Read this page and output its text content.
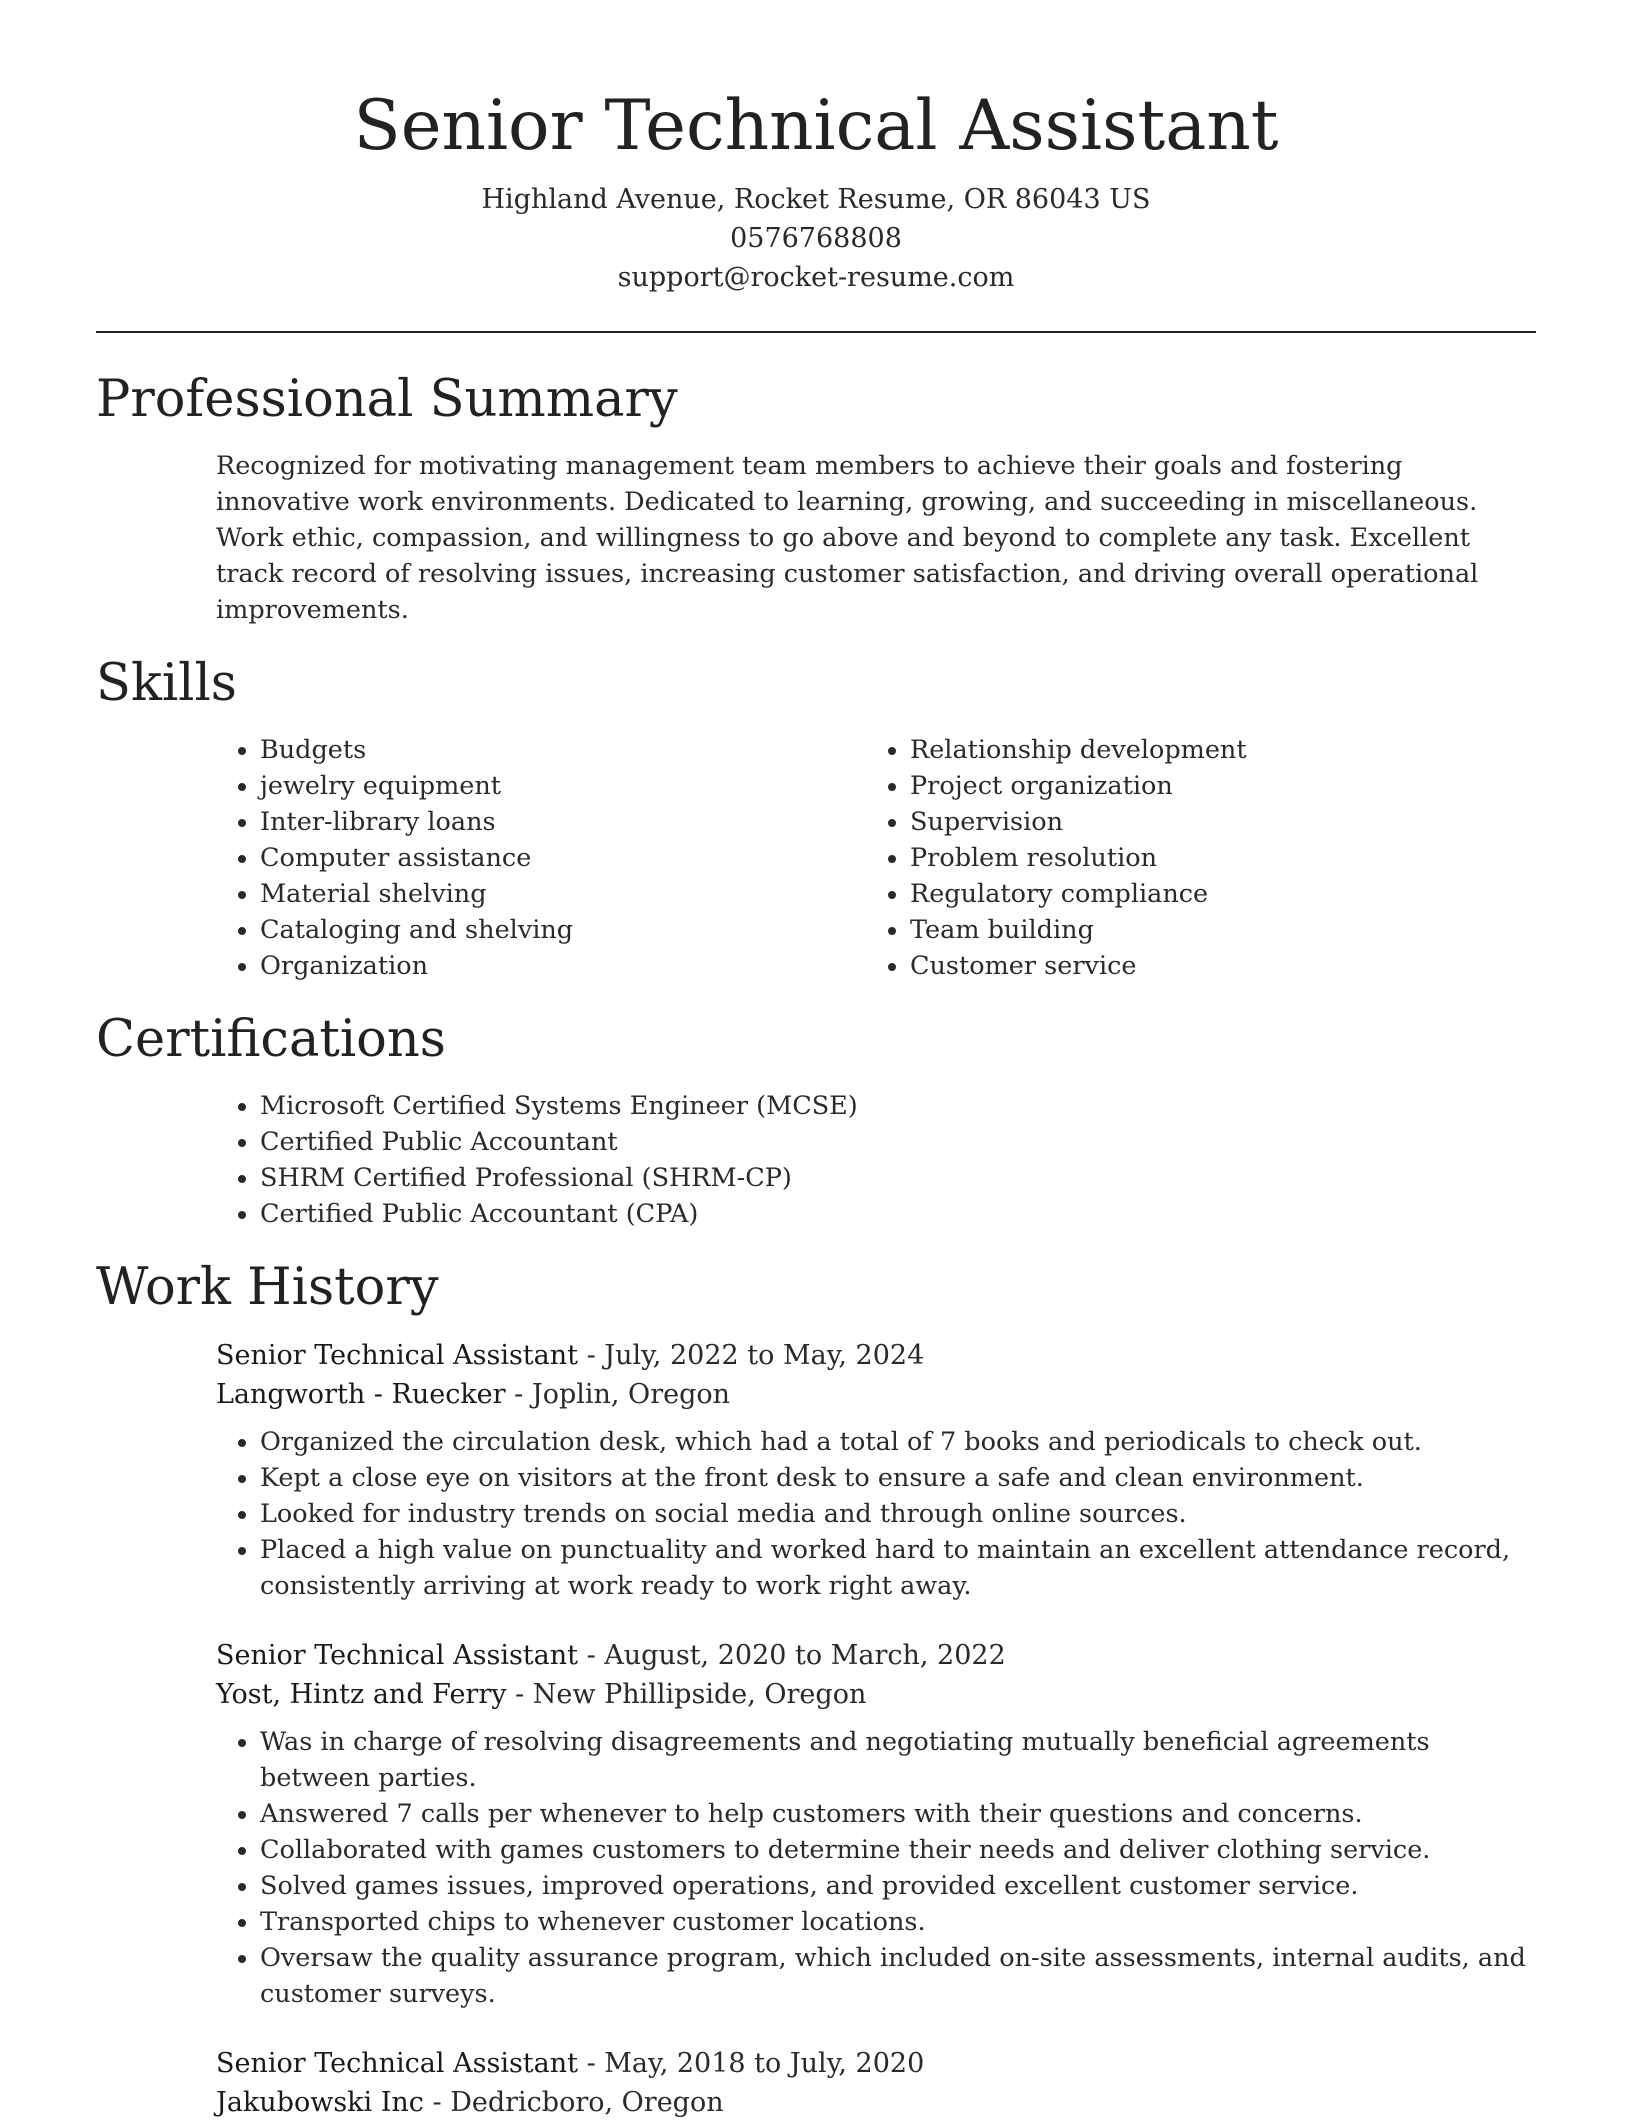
Senior Technical Assistant
Highland Avenue, Rocket Resume, OR 86043 US
0576768808
support@rocket-resume.com
Professional Summary
Recognized for motivating management team members to achieve their goals and fostering innovative work environments. Dedicated to learning, growing, and succeeding in miscellaneous. Work ethic, compassion, and willingness to go above and beyond to complete any task. Excellent track record of resolving issues, increasing customer satisfaction, and driving overall operational improvements.
Skills
• Budgets
• jewelry equipment
• Inter-library loans
• Computer assistance
• Material shelving
• Cataloging and shelving
• Organization
• Relationship development
• Project organization
• Supervision
• Problem resolution
• Regulatory compliance
• Team building
• Customer service
Certifications
• Microsoft Certified Systems Engineer (MCSE)
• Certified Public Accountant
• SHRM Certified Professional (SHRM-CP)
• Certified Public Accountant (CPA)
Work History
Senior Technical Assistant - July, 2022 to May, 2024
Langworth - Ruecker - Joplin, Oregon
• Organized the circulation desk, which had a total of 7 books and periodicals to check out.
• Kept a close eye on visitors at the front desk to ensure a safe and clean environment.
• Looked for industry trends on social media and through online sources.
• Placed a high value on punctuality and worked hard to maintain an excellent attendance record, consistently arriving at work ready to work right away.
Senior Technical Assistant - August, 2020 to March, 2022
Yost, Hintz and Ferry - New Phillipside, Oregon
• Was in charge of resolving disagreements and negotiating mutually beneficial agreements between parties.
• Answered 7 calls per whenever to help customers with their questions and concerns.
• Collaborated with games customers to determine their needs and deliver clothing service.
• Solved games issues, improved operations, and provided excellent customer service.
• Transported chips to whenever customer locations.
• Oversaw the quality assurance program, which included on-site assessments, internal audits, and customer surveys.
Senior Technical Assistant - May, 2018 to July, 2020
Jakubowski Inc - Dedricboro, Oregon
